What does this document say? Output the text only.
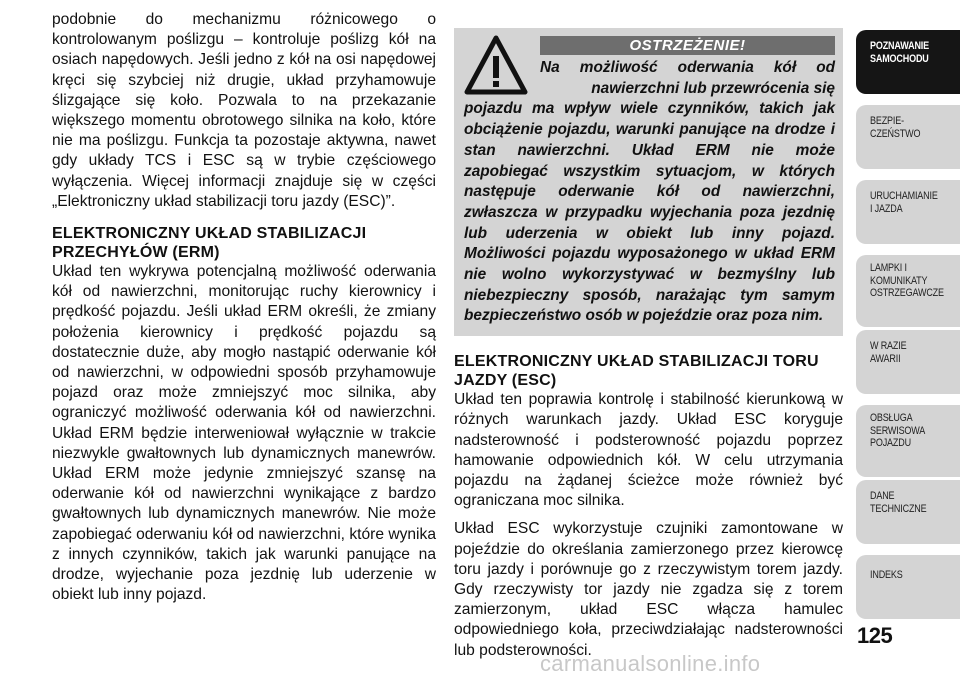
podobnie do mechanizmu różnicowego o kontrolowanym poślizgu – kontroluje poślizg kół na osiach napędowych. Jeśli jedno z kół na osi napędowej kręci się szybciej niż drugie, układ przyhamowuje ślizgające się koło. Pozwala to na przekazanie większego momentu obrotowego silnika na koło, które nie ma poślizgu. Funkcja ta pozostaje aktywna, nawet gdy układy TCS i ESC są w trybie częściowego wyłączenia. Więcej informacji znajduje się w części „Elektroniczny układ stabilizacji toru jazdy (ESC)”.

ELEKTRONICZNY UKŁAD STABILIZACJI PRZECHYŁÓW (ERM)

Układ ten wykrywa potencjalną możliwość oderwania kół od nawierzchni, monitorując ruchy kierownicy i prędkość pojazdu. Jeśli układ ERM określi, że zmiany położenia kierownicy i prędkość pojazdu są dostatecznie duże, aby mogło nastąpić oderwanie kół od nawierzchni, w odpowiedni sposób przyhamowuje pojazd oraz może zmniejszyć moc silnika, aby ograniczyć możliwość oderwania kół od nawierzchni. Układ ERM będzie interweniował wyłącznie w trakcie niezwykle gwałtownych lub dynamicznych manewrów. Układ ERM może jedynie zmniejszyć szansę na oderwanie kół od nawierzchni wynikające z bardzo gwałtownych lub dynamicznych manewrów. Nie może zapobiegać oderwaniu kół od nawierzchni, które wynika z innych czynników, takich jak warunki panujące na drodze, wyjechanie poza jezdnię lub uderzenie w obiekt lub inny pojazd.

OSTRZEŻENIE!

Na możliwość oderwania kół od nawierzchni lub przewrócenia się

pojazdu ma wpływ wiele czynników, takich jak obciążenie pojazdu, warunki panujące na drodze i stan nawierzchni. Układ ERM nie może zapobiegać wszystkim sytuacjom, w których następuje oderwanie kół od nawierzchni, zwłaszcza w przypadku wyjechania poza jezdnię lub uderzenia w obiekt lub inny pojazd. Możliwości pojazdu wyposażonego w układ ERM nie wolno wykorzystywać w bezmyślny lub niebezpieczny sposób, narażając tym samym bezpieczeństwo osób w pojeździe oraz poza nim.

ELEKTRONICZNY UKŁAD STABILIZACJI TORU JAZDY (ESC)

Układ ten poprawia kontrolę i stabilność kierunkową w różnych warunkach jazdy. Układ ESC koryguje nadsterowność i podsterowność pojazdu poprzez hamowanie odpowiednich kół. W celu utrzymania pojazdu na żądanej ścieżce może również być ograniczana moc silnika.

Układ ESC wykorzystuje czujniki zamontowane w pojeździe do określania zamierzonego przez kierowcę toru jazdy i porównuje go z rzeczywistym torem jazdy. Gdy rzeczywisty tor jazdy nie zgadza się z torem zamierzonym, układ ESC włącza hamulec odpowiedniego koła, przeciwdziałając nadsterowności lub podsterowności.

POZNAWANIE
SAMOCHODU
BEZPIE-
CZEŃSTWO
URUCHAMIANIE
I JAZDA
LAMPKI I
KOMUNIKATY
OSTRZEGAWCZE
W RAZIE
AWARII
OBSŁUGA
SERWISOWA
POJAZDU
DANE
TECHNICZNE
INDEKS
125
carmanualsonline.info
